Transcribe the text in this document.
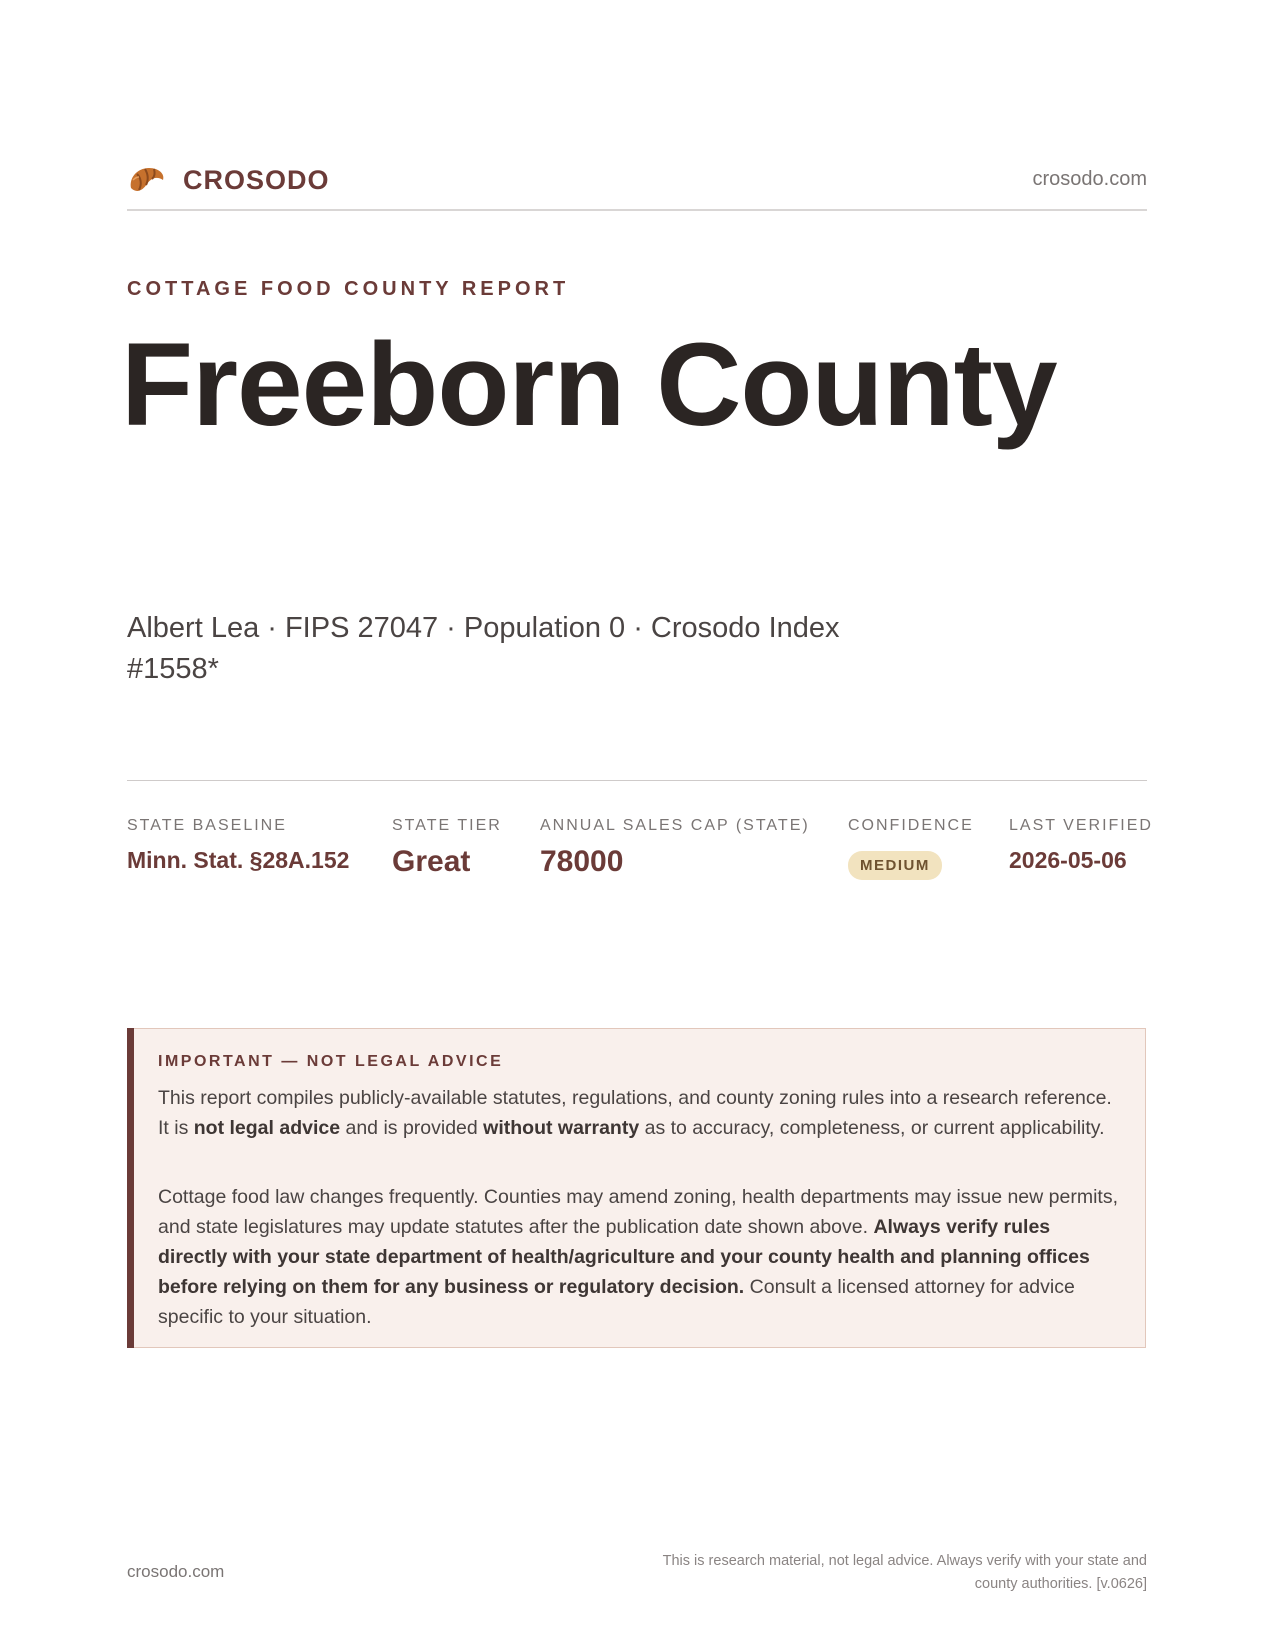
CROSODO	crosodo.com
COTTAGE FOOD COUNTY REPORT
Freeborn County
Albert Lea · FIPS 27047 · Population 0 · Crosodo Index #1558*
STATE BASELINE
Minn. Stat. §28A.152
STATE TIER
Great
ANNUAL SALES CAP (STATE)
78000
CONFIDENCE
MEDIUM
LAST VERIFIED
2026-05-06
IMPORTANT — NOT LEGAL ADVICE

This report compiles publicly-available statutes, regulations, and county zoning rules into a research reference. It is not legal advice and is provided without warranty as to accuracy, completeness, or current applicability.

Cottage food law changes frequently. Counties may amend zoning, health departments may issue new permits, and state legislatures may update statutes after the publication date shown above. Always verify rules directly with your state department of health/agriculture and your county health and planning offices before relying on them for any business or regulatory decision. Consult a licensed attorney for advice specific to your situation.

crosodo.com
This is research material, not legal advice. Always verify with your state and county authorities. [v.0626]
